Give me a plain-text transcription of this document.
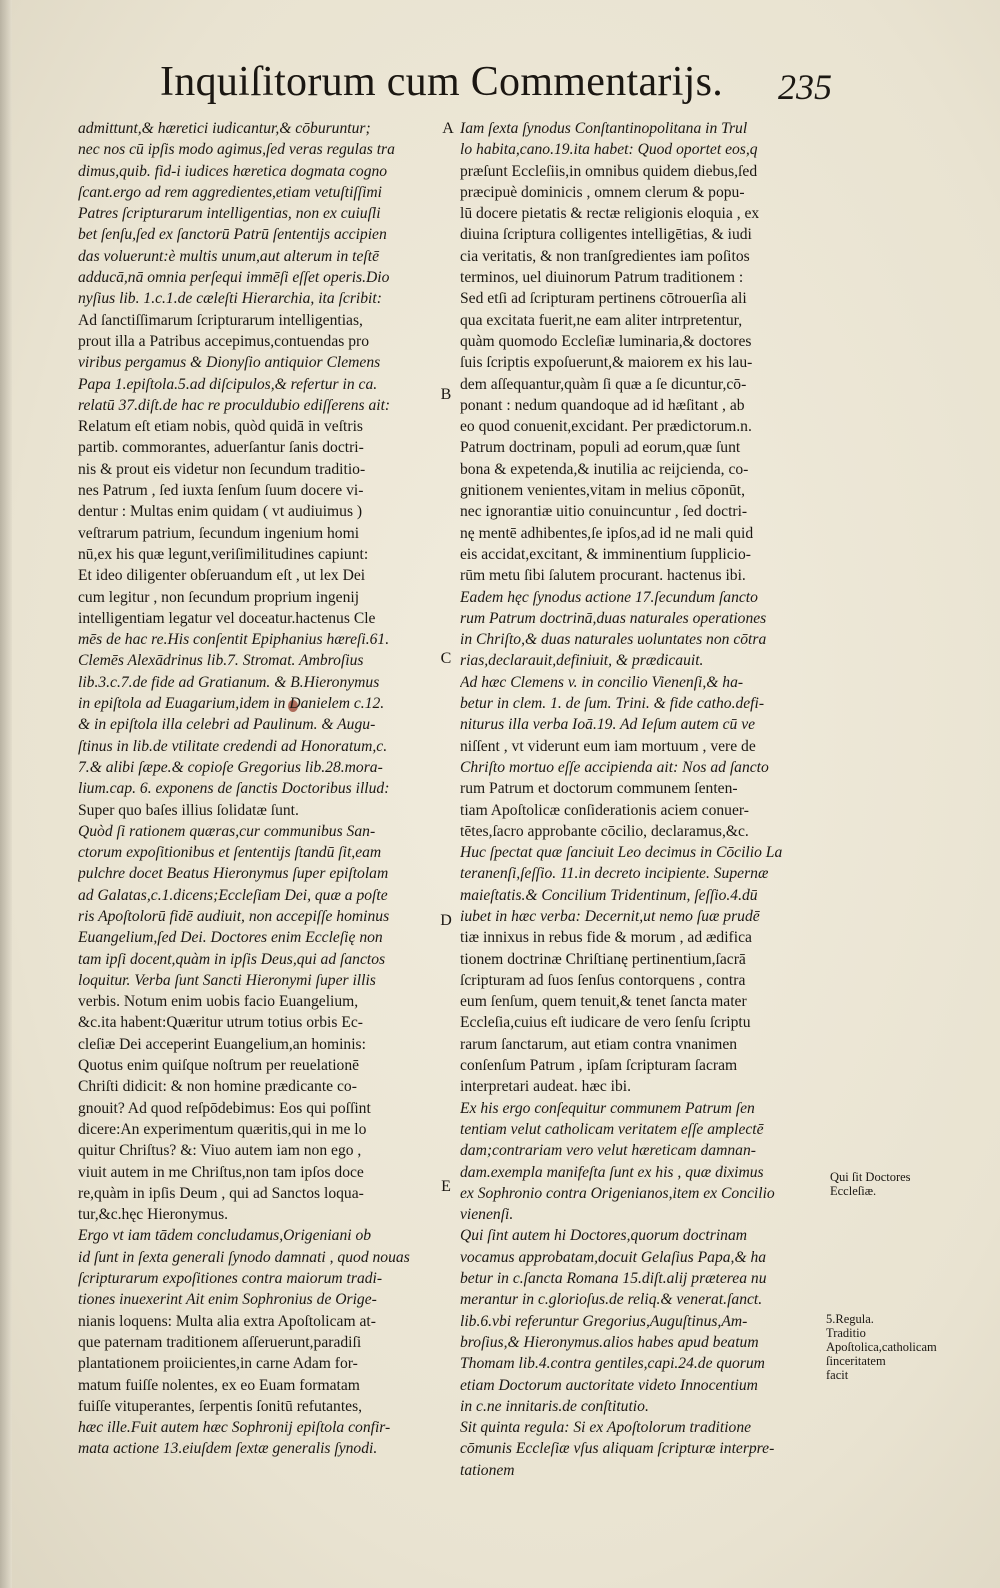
Inquiſitorum cum Commentarijs. 235
admittunt,& hæretici iudicantur,& cōburuntur;
nec nos cū ipſis modo agimus,ſed veras regulas tra
dimus,quib. fid-i iudices hæretica dogmata cogno
ſcant.ergo ad rem aggredientes,etiam vetuſtiſſimi
Patres ſcripturarum intelligentias, non ex cuiuſli
bet ſenſu,ſed ex ſanctorū Patrū ſententijs accipien
das voluerunt:è multis unum,aut alterum in teſtē
adducā,nā omnia perſequi immēſi eſſet operis.Dio
nyſius lib. 1.c.1.de cæleſti Hierarchia, ita ſcribit:
Ad ſanctiſſimarum ſcripturarum intelligentias,
prout illa a Patribus accepimus,contuendas pro
viribus pergamus & Dionyſio antiquior Clemens
Papa 1.epiſtola.5.ad diſcipulos,& refertur in ca.
relatū 37.diſt.de hac re proculdubio ediſſerens ait:
Relatum eſt etiam nobis, quòd quidā in veſtris
partib. commorantes, aduerſantur ſanis doctri-
nis & prout eis videtur non ſecundum traditio-
nes Patrum , ſed iuxta ſenſum ſuum docere vi-
dentur : Multas enim quidam ( vt audiuimus )
veſtrarum patrium, ſecundum ingenium homi
nū,ex his quæ legunt,veriſimilitudines capiunt:
Et ideo diligenter obſeruandum eſt , ut lex Dei
cum legitur , non ſecundum proprium ingenij
intelligentiam legatur vel doceatur.hactenus Cle
mēs de hac re.His conſentit Epiphanius hæreſi.61.
Clemēs Alexādrinus lib.7. Stromat. Ambroſius
lib.3.c.7.de fide ad Gratianum. & B.Hieronymus
in epiſtola ad Euagarium,idem in Danielem c.12.
& in epiſtola illa celebri ad Paulinum. & Augu-
ſtinus in lib.de vtilitate credendi ad Honoratum,c.
7.& alibi ſæpe.& copioſe Gregorius lib.28.mora-
lium.cap. 6. exponens de ſanctis Doctoribus illud:
Super quo baſes illius ſolidatæ ſunt.
Quòd ſi rationem quæras,cur communibus San-
ctorum expoſitionibus et ſententijs ſtandū ſit,eam
pulchre docet Beatus Hieronymus ſuper epiſtolam
ad Galatas,c.1.dicens;Eccleſiam Dei, quæ a poſte
ris Apoſtolorū fidē audiuit, non accepiſſe hominus
Euangelium,ſed Dei. Doctores enim Eccleſię non
tam ipſi docent,quàm in ipſis Deus,qui ad ſanctos
loquitur. Verba ſunt Sancti Hieronymi ſuper illis
verbis. Notum enim uobis facio Euangelium,
&c.ita habent:Quæritur utrum totius orbis Ec-
cleſiæ Dei acceperint Euangelium,an hominis:
Quotus enim quiſque noſtrum per reuelationē
Chriſti didicit: & non homine prædicante co-
gnouit? Ad quod reſpōdebimus: Eos qui poſſint
dicere:An experimentum quæritis,qui in me lo
quitur Chriſtus? &: Viuo autem iam non ego ,
viuit autem in me Chriſtus,non tam ipſos doce
re,quàm in ipſis Deum , qui ad Sanctos loqua-
tur,&c.hęc Hieronymus.
Ergo vt iam tādem concludamus,Origeniani ob
id ſunt in ſexta generali ſynodo damnati , quod nouas
ſcripturarum expoſitiones contra maiorum tradi-
tiones inuexerint Ait enim Sophronius de Orige-
nianis loquens: Multa alia extra Apoſtolicam at-
que paternam traditionem aſſeruerunt,paradiſi
plantationem proiicientes,in carne Adam for-
matum fuiſſe nolentes, ex eo Euam formatam
fuiſſe vituperantes, ſerpentis ſonitū refutantes,
hæc ille.Fuit autem hæc Sophronij epiſtola confir-
mata actione 13.eiuſdem ſextæ generalis ſynodi.
Iam ſexta ſynodus Conſtantinopolitana in Trul
lo habita,cano.19.ita habet: Quod oportet eos,q
præſunt Eccleſiis,in omnibus quidem diebus,ſed
præcipuè dominicis , omnem clerum & popu-
lū docere pietatis & rectæ religionis eloquia , ex
diuina ſcriptura colligentes intelligētias, & iudi
cia veritatis, & non tranſgredientes iam poſitos
terminos, uel diuinorum Patrum traditionem :
Sed etſi ad ſcripturam pertinens cōtrouerſia ali
qua excitata fuerit,ne eam aliter intrpretentur,
quàm quomodo Eccleſiæ luminaria,& doctores
ſuis ſcriptis expoſuerunt,& maiorem ex his lau-
dem aſſequantur,quàm ſi quæ a ſe dicuntur,cō-
ponant : nedum quandoque ad id hæſitant , ab
eo quod conuenit,excidant. Per prædictorum.n.
Patrum doctrinam, populi ad eorum,quæ ſunt
bona & expetenda,& inutilia ac reijcienda, co-
gnitionem venientes,vitam in melius cōponūt,
nec ignorantiæ uitio conuincuntur , ſed doctri-
nę mentē adhibentes,ſe ipſos,ad id ne mali quid
eis accidat,excitant, & imminentium ſupplicio-
rūm metu ſibi ſalutem procurant. hactenus ibi.
Eadem hęc ſynodus actione 17.ſecundum ſancto
rum Patrum doctrinā,duas naturales operationes
in Chriſto,& duas naturales uoluntates non cōtra
rias,declarauit,definiuit, & prædicauit.
Ad hæc Clemens v. in concilio Vienenſi,& ha-
betur in clem. 1. de ſum. Trini. & fide catho.defi-
niturus illa verba Ioā.19. Ad Ieſum autem cū ve
niſſent , vt viderunt eum iam mortuum , vere de
Chriſto mortuo eſſe accipienda ait: Nos ad ſancto
rum Patrum et doctorum communem ſenten-
tiam Apoſtolicæ conſiderationis aciem conuer-
tētes,ſacro approbante cōcilio, declaramus,&c.
Huc ſpectat quæ ſanciuit Leo decimus in Cōcilio La
teranenſi,ſeſſio. 11.in decreto incipiente. Supernæ
maieſtatis.& Concilium Tridentinum, ſeſſio.4.dū
iubet in hæc verba: Decernit,ut nemo ſuæ prudē
tiæ innixus in rebus fide & morum , ad ædifica
tionem doctrinæ Chriſtianę pertinentium,ſacrā
ſcripturam ad ſuos ſenſus contorquens , contra
eum ſenſum, quem tenuit,& tenet ſancta mater
Eccleſia,cuius eſt iudicare de vero ſenſu ſcriptu
rarum ſanctarum, aut etiam contra vnanimen
conſenſum Patrum , ipſam ſcripturam ſacram
interpretari audeat. hæc ibi.
Ex his ergo conſequitur communem Patrum ſen
tentiam velut catholicam veritatem eſſe amplectē
dam;contrariam vero velut hæreticam damnan-
dam.exempla manifeſta ſunt ex his , quæ diximus
ex Sophronio contra Origenianos,item ex Concilio
vienenſi.
Qui ſint autem hi Doctores,quorum doctrinam
vocamus approbatam,docuit Gelaſius Papa,& ha
betur in c.ſancta Romana 15.diſt.alij præterea nu
merantur in c.glorioſus.de reliq.& venerat.ſanct.
lib.6.vbi referuntur Gregorius,Auguſtinus,Am-
broſius,& Hieronymus.alios habes apud beatum
Thomam lib.4.contra gentiles,capi.24.de quorum
etiam Doctorum auctoritate videto Innocentium
in c.ne innitaris.de conſtitutio.
Sit quinta regula: Si ex Apoſtolorum traditione
cōmunis Eccleſiæ vſus aliquam ſcripturæ interpre-
tationem
A
B
C
D
E
Qui ſit Doctores Eccleſiæ.
5.Regula. Traditio Apoſtolica,catholicam ſinceritatem facit
